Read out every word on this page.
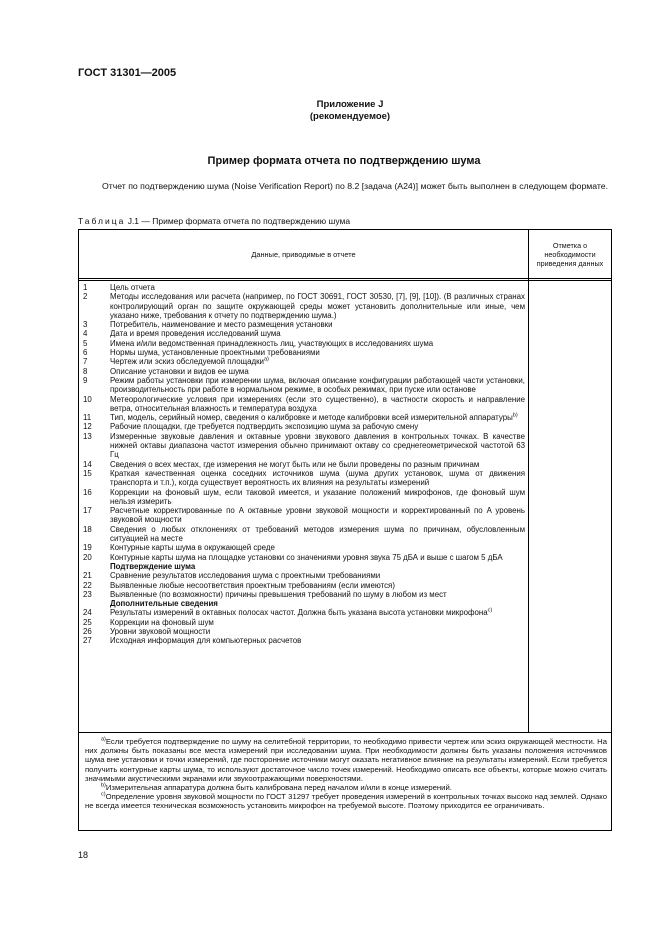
ГОСТ 31301—2005
Приложение J
(рекомендуемое)
Пример формата отчета по подтверждению шума
Отчет по подтверждению шума (Noise Verification Report) по 8.2 [задача (A24)] может быть выполнен в следующем формате.
Таблица J.1 — Пример формата отчета по подтверждению шума
Данные, приводимые в отчете
Отметка о необходимости приведения данных
1	Цель отчета
2	Методы исследования или расчета (например, по ГОСТ 30691, ГОСТ 30530, [7], [9], [10]). (В различных странах контролирующий орган по защите окружающей среды может установить дополнительные или иные, чем указано ниже, требования к отчету по подтверждению шума.)
3	Потребитель, наименование и место размещения установки
4	Дата и время проведения исследований шума
5	Имена и/или ведомственная принадлежность лиц, участвующих в исследованиях шума
6	Нормы шума, установленные проектными требованиями
7	Чертеж или эскиз обследуемой площадки$^{a)}$
8	Описание установки и видов ее шума
9	Режим работы установки при измерении шума, включая описание конфигурации работающей части установки, производительность при работе в нормальном режиме, в особых режимах, при пуске или останове
10	Метеорологические условия при измерениях (если это существенно), в частности скорость и направление ветра, относительная влажность и температура воздуха
11	Тип, модель, серийный номер, сведения о калибровке и методе калибровки всей измерительной аппаратуры$^{b)}$
12	Рабочие площадки, где требуется подтвердить экспозицию шума за рабочую смену
13	Измеренные звуковые давления и октавные уровни звукового давления в контрольных точках. В качестве нижней октавы диапазона частот измерения обычно принимают октаву со среднегеометрической частотой 63 Гц
14	Сведения о всех местах, где измерения не могут быть или не были проведены по разным причинам
15	Краткая качественная оценка соседних источников шума (шума других установок, шума от движения транспорта и т.п.), когда существует вероятность их влияния на результаты измерений
16	Коррекции на фоновый шум, если таковой имеется, и указание положений микрофонов, где фоновый шум нельзя измерить
17	Расчетные корректированные по A октавные уровни звуковой мощности и корректированный по A уровень звуковой мощности
18	Сведения о любых отклонениях от требований методов измерения шума по причинам, обусловленным ситуацией на месте
19	Контурные карты шума в окружающей среде
20	Контурные карты шума на площадке установки со значениями уровня звука 75 дБА и выше с шагом 5 дБА
Подтверждение шума
21	Сравнение результатов исследования шума с проектными требованиями
22	Выявленные любые несоответствия проектным требованиям (если имеются)
23	Выявленные (по возможности) причины превышения требований по шуму в любом из мест
Дополнительные сведения
24	Результаты измерений в октавных полосах частот. Должна быть указана высота установки микрофона$^{c)}$
25	Коррекции на фоновый шум
26	Уровни звуковой мощности
27	Исходная информация для компьютерных расчетов
$^{a)}$Если требуется подтверждение по шуму на селитебной территории, то необходимо привести чертеж или эскиз окружающей местности. На них должны быть показаны все места измерений при исследовании шума. При необходимости должны быть указаны положения источников шума вне установки и точки измерений, где посторонние источники могут оказать негативное влияние на результаты измерений. Если требуется получить контурные карты шума, то используют достаточное число точек измерений. Необходимо описать все объекты, которые можно считать значимыми акустическими экранами или звукоотражающими поверхностями.
$^{b)}$Измерительная аппаратура должна быть калибрована перед началом и/или в конце измерений.
$^{c)}$Определение уровня звуковой мощности по ГОСТ 31297 требует проведения измерений в контрольных точках высоко над землей. Однако не всегда имеется техническая возможность установить микрофон на требуемой высоте. Поэтому приходится ее ограничивать.
18
